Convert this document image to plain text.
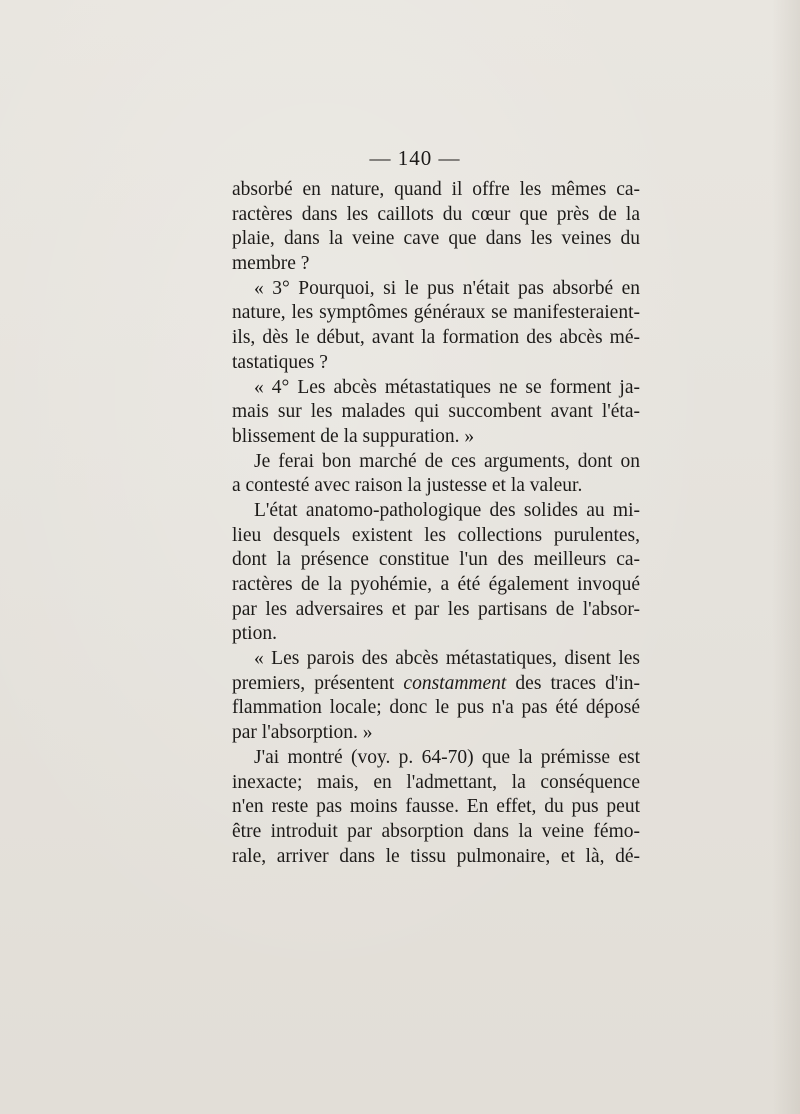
— 140 —
absorbé en nature, quand il offre les mêmes ca-
ractères dans les caillots du cœur que près de la
plaie, dans la veine cave que dans les veines du
membre ?
« 3° Pourquoi, si le pus n'était pas absorbé en
nature, les symptômes généraux se manifesteraient-
ils, dès le début, avant la formation des abcès mé-
tastatiques ?
« 4° Les abcès métastatiques ne se forment ja-
mais sur les malades qui succombent avant l'éta-
blissement de la suppuration. »
Je ferai bon marché de ces arguments, dont on
a contesté avec raison la justesse et la valeur.
L'état anatomo-pathologique des solides au mi-
lieu desquels existent les collections purulentes,
dont la présence constitue l'un des meilleurs ca-
ractères de la pyohémie, a été également invoqué
par les adversaires et par les partisans de l'absor-
ption.
« Les parois des abcès métastatiques, disent les
premiers, présentent constamment des traces d'in-
flammation locale; donc le pus n'a pas été déposé
par l'absorption. »
J'ai montré (voy. p. 64-70) que la prémisse est
inexacte; mais, en l'admettant, la conséquence
n'en reste pas moins fausse. En effet, du pus peut
être introduit par absorption dans la veine fémo-
rale, arriver dans le tissu pulmonaire, et là, dé-
